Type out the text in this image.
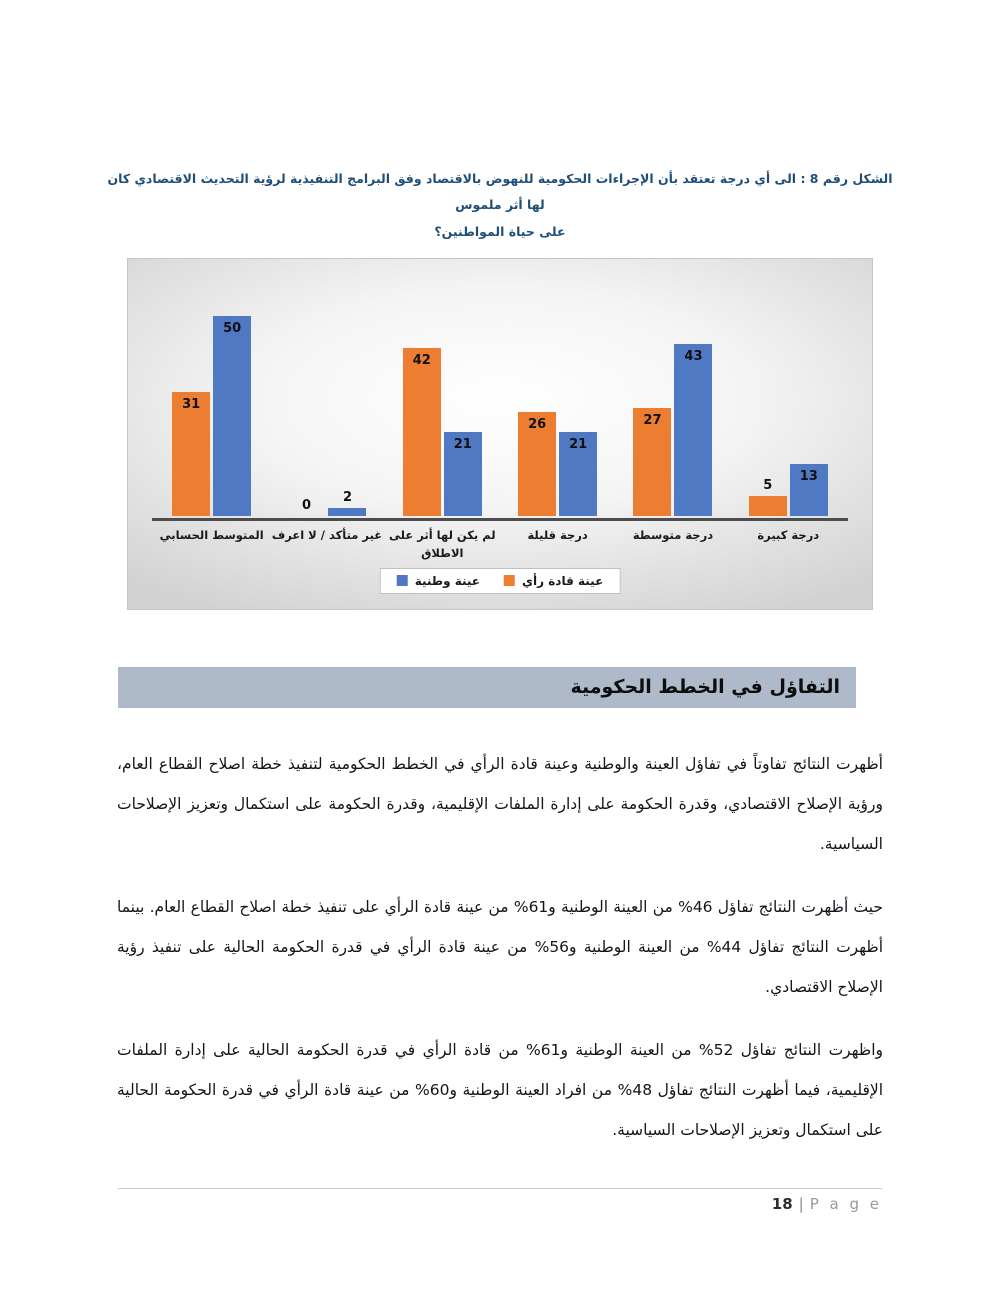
الشكل رقم 8 : الى أي درجة تعتقد بأن الإجراءات الحكومية للنهوض بالاقتصاد وفق البرامج التنفيذية لرؤية التحديث الاقتصادي كان لها أثر ملموس
على حياة المواطنين؟
31
50
0
2
42
21
26
21
27
43
5
13
المتوسط الحسابي غير متأكد / لا اعرف لم يكن لها أثر على الاطلاق
درجة قليلة	درجة متوسطة	درجة كبيرة
عينة وطنية	عينة قادة رأي
التفاؤل في الخطط الحكومية

أظهرت النتائج تفاوتاً في تفاؤل العينة والوطنية وعينة قادة الرأي في الخطط الحكومية لتنفيذ خطة اصلاح القطاع العام، ورؤية الإصلاح الاقتصادي، وقدرة الحكومة على إدارة الملفات الإقليمية، وقدرة الحكومة على استكمال وتعزيز الإصلاحات السياسية.

حيث أظهرت النتائج تفاؤل 46% من العينة الوطنية و61% من عينة قادة الرأي على تنفيذ خطة اصلاح القطاع العام. بينما أظهرت النتائج تفاؤل 44% من العينة الوطنية و56% من عينة قادة الرأي في قدرة الحكومة الحالية على تنفيذ رؤية الإصلاح الاقتصادي.

واظهرت النتائج تفاؤل 52% من العينة الوطنية و61% من قادة الرأي في قدرة الحكومة الحالية على إدارة الملفات الإقليمية، فيما أظهرت النتائج تفاؤل 48% من افراد العينة الوطنية و60% من عينة قادة الرأي في قدرة الحكومة الحالية على استكمال وتعزيز الإصلاحات السياسية.

18 | P a g e
